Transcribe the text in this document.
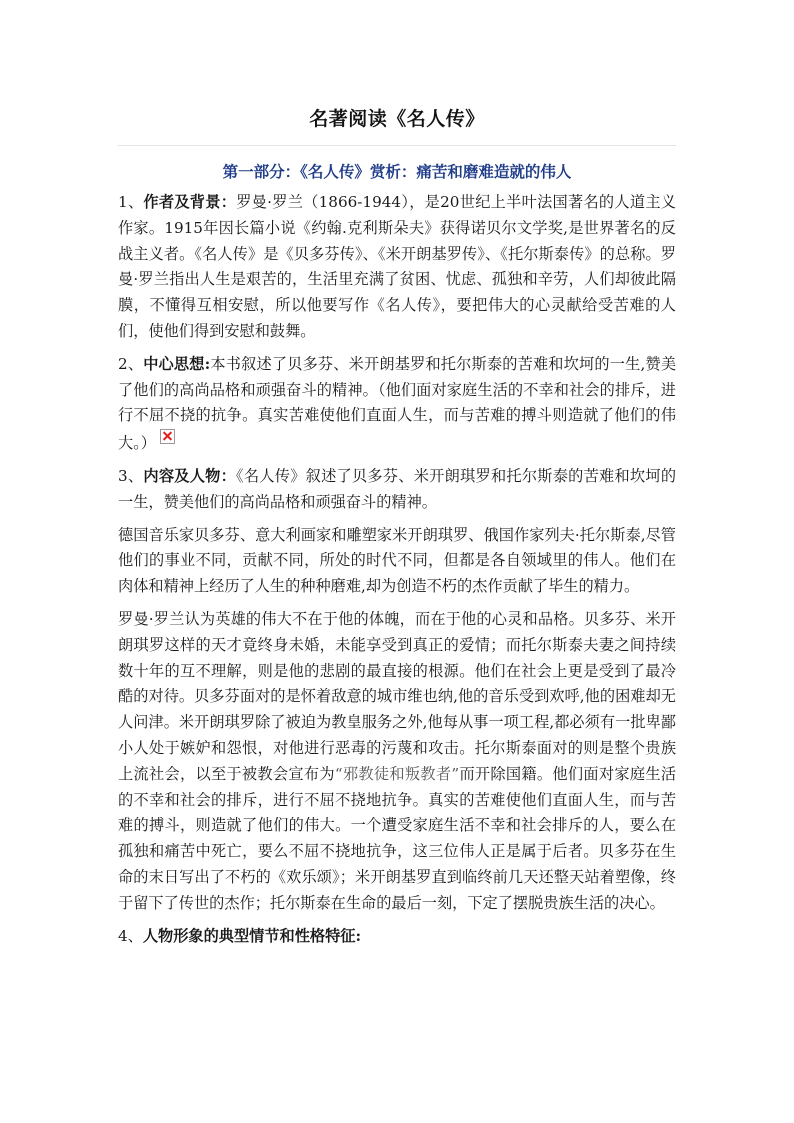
名著阅读《名人传》
第一部分：《名人传》赏析：痛苦和磨难造就的伟人

1、作者及背景：罗曼·罗兰（1866-1944），是20世纪上半叶法国著名的人道主义作家。1915年因长篇小说《约翰.克利斯朵夫》获得诺贝尔文学奖,是世界著名的反战主义者。《名人传》是《贝多芬传》、《米开朗基罗传》、《托尔斯泰传》的总称。罗曼·罗兰指出人生是艰苦的，生活里充满了贫困、忧虑、孤独和辛劳，人们却彼此隔膜，不懂得互相安慰，所以他要写作《名人传》，要把伟大的心灵献给受苦难的人们，使他们得到安慰和鼓舞。

2、中心思想:本书叙述了贝多芬、米开朗基罗和托尔斯泰的苦难和坎坷的一生,赞美了他们的高尚品格和顽强奋斗的精神。（他们面对家庭生活的不幸和社会的排斥，进行不屈不挠的抗争。真实苦难使他们直面人生，而与苦难的搏斗则造就了他们的伟大。）

3、内容及人物：《名人传》叙述了贝多芬、米开朗琪罗和托尔斯泰的苦难和坎坷的一生，赞美他们的高尚品格和顽强奋斗的精神。

德国音乐家贝多芬、意大利画家和雕塑家米开朗琪罗、俄国作家列夫·托尔斯泰,尽管他们的事业不同，贡献不同，所处的时代不同，但都是各自领域里的伟人。他们在肉体和精神上经历了人生的种种磨难,却为创造不朽的杰作贡献了毕生的精力。

罗曼·罗兰认为英雄的伟大不在于他的体魄，而在于他的心灵和品格。贝多芬、米开朗琪罗这样的天才竟终身未婚，未能享受到真正的爱情；而托尔斯泰夫妻之间持续数十年的互不理解，则是他的悲剧的最直接的根源。他们在社会上更是受到了最冷酷的对待。贝多芬面对的是怀着敌意的城市维也纳,他的音乐受到欢呼,他的困难却无人问津。米开朗琪罗除了被迫为教皇服务之外,他每从事一项工程,都必须有一批卑鄙小人处于嫉妒和怨恨，对他进行恶毒的污蔑和攻击。托尔斯泰面对的则是整个贵族上流社会，以至于被教会宣布为“邪教徒和叛教者”而开除国籍。他们面对家庭生活的不幸和社会的排斥，进行不屈不挠地抗争。真实的苦难使他们直面人生，而与苦难的搏斗，则造就了他们的伟大。一个遭受家庭生活不幸和社会排斥的人，要么在孤独和痛苦中死亡，要么不屈不挠地抗争，这三位伟人正是属于后者。贝多芬在生命的末日写出了不朽的《欢乐颂》；米开朗基罗直到临终前几天还整天站着塑像，终于留下了传世的杰作；托尔斯泰在生命的最后一刻，下定了摆脱贵族生活的决心。

4、人物形象的典型情节和性格特征:
